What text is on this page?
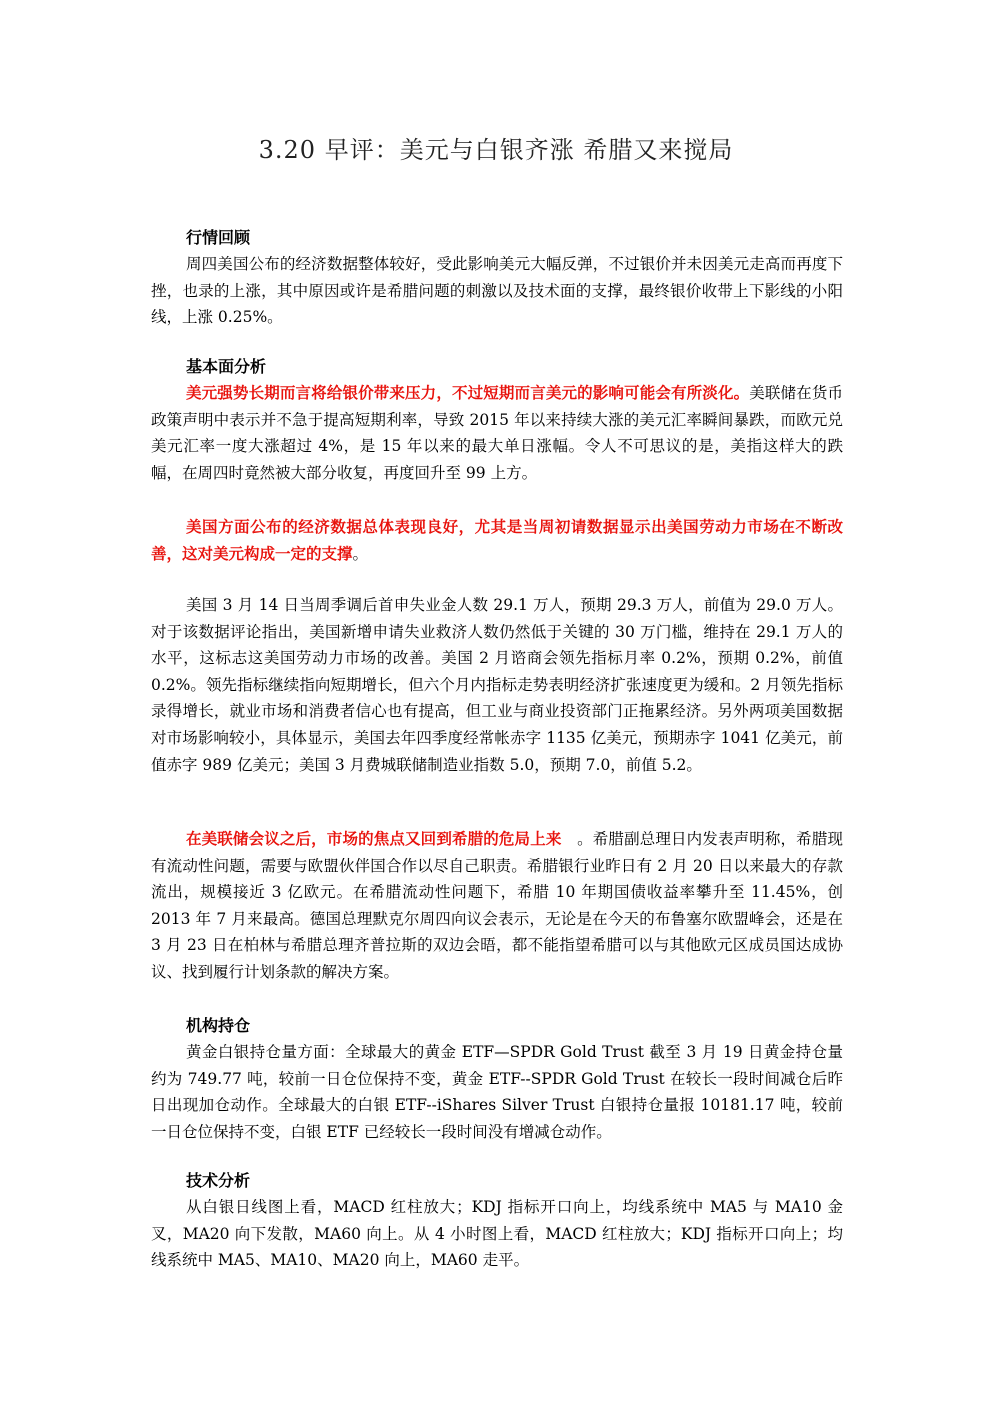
3.20 早评：美元与白银齐涨 希腊又来搅局

行情回顾

周四美国公布的经济数据整体较好，受此影响美元大幅反弹，不过银价并未因美元走高而再度下挫，也录的上涨，其中原因或许是希腊问题的刺激以及技术面的支撑，最终银价收带上下影线的小阳线，上涨 0.25%。

基本面分析

美元强势长期而言将给银价带来压力，不过短期而言美元的影响可能会有所淡化。美联储在货币政策声明中表示并不急于提高短期利率，导致 2015 年以来持续大涨的美元汇率瞬间暴跌，而欧元兑美元汇率一度大涨超过 4%，是 15 年以来的最大单日涨幅。令人不可思议的是，美指这样大的跌幅，在周四时竟然被大部分收复，再度回升至 99 上方。

美国方面公布的经济数据总体表现良好，尤其是当周初请数据显示出美国劳动力市场在不断改善，这对美元构成一定的支撑。

美国 3 月 14 日当周季调后首申失业金人数 29.1 万人，预期 29.3 万人，前值为 29.0 万人。对于该数据评论指出，美国新增申请失业救济人数仍然低于关键的 30 万门槛，维持在 29.1 万人的水平，这标志这美国劳动力市场的改善。美国 2 月谘商会领先指标月率 0.2%，预期 0.2%，前值 0.2%。领先指标继续指向短期增长，但六个月内指标走势表明经济扩张速度更为缓和。2 月领先指标录得增长，就业市场和消费者信心也有提高，但工业与商业投资部门正拖累经济。另外两项美国数据对市场影响较小，具体显示，美国去年四季度经常帐赤字 1135 亿美元，预期赤字 1041 亿美元，前值赤字 989 亿美元；美国 3 月费城联储制造业指数 5.0，预期 7.0，前值 5.2。

在美联储会议之后，市场的焦点又回到希腊的危局上来　。希腊副总理日内发表声明称，希腊现有流动性问题，需要与欧盟伙伴国合作以尽自己职责。希腊银行业昨日有 2 月 20 日以来最大的存款流出，规模接近 3 亿欧元。在希腊流动性问题下，希腊 10 年期国债收益率攀升至 11.45%，创 2013 年 7 月来最高。德国总理默克尔周四向议会表示，无论是在今天的布鲁塞尔欧盟峰会，还是在 3 月 23 日在柏林与希腊总理齐普拉斯的双边会晤，都不能指望希腊可以与其他欧元区成员国达成协议、找到履行计划条款的解决方案。

机构持仓

黄金白银持仓量方面：全球最大的黄金 ETF—SPDR Gold Trust 截至 3 月 19 日黄金持仓量约为 749.77 吨，较前一日仓位保持不变，黄金 ETF--SPDR Gold Trust 在较长一段时间减仓后昨日出现加仓动作。全球最大的白银 ETF--iShares Silver Trust 白银持仓量报 10181.17 吨，较前一日仓位保持不变，白银 ETF 已经较长一段时间没有增减仓动作。

技术分析

从白银日线图上看，MACD 红柱放大；KDJ 指标开口向上，均线系统中 MA5 与 MA10 金叉，MA20 向下发散，MA60 向上。从 4 小时图上看，MACD 红柱放大；KDJ 指标开口向上；均线系统中 MA5、MA10、MA20 向上，MA60 走平。
